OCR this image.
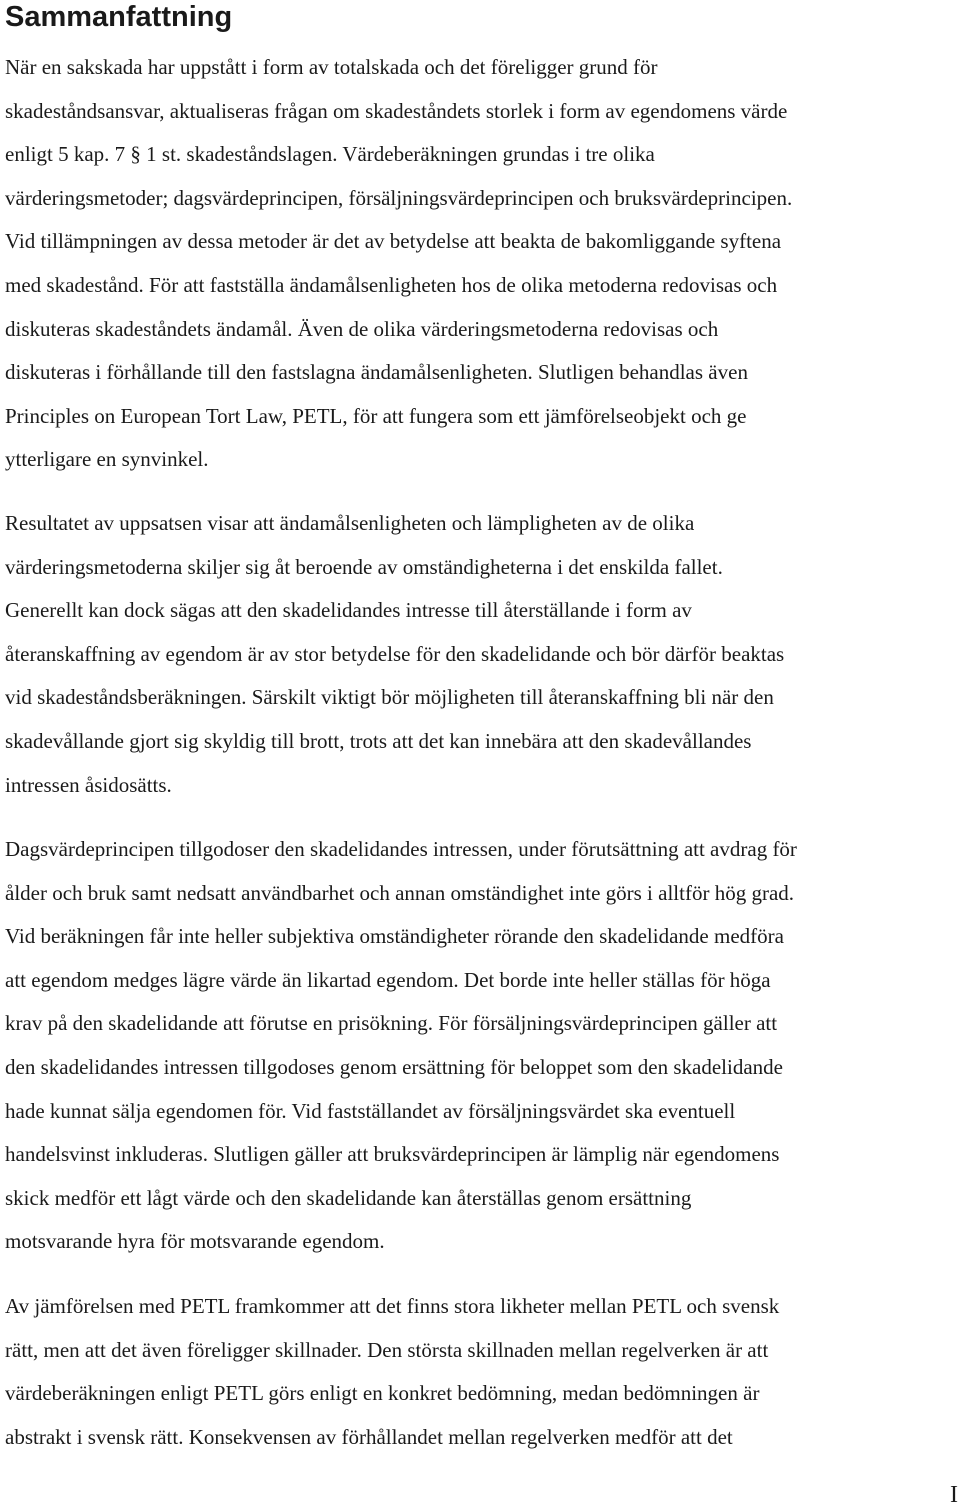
Sammanfattning

När en sakskada har uppstått i form av totalskada och det föreligger grund för
skadeståndsansvar, aktualiseras frågan om skadeståndets storlek i form av egendomens värde
enligt 5 kap. 7 § 1 st. skadeståndslagen. Värdeberäkningen grundas i tre olika
värderingsmetoder; dagsvärdeprincipen, försäljningsvärdeprincipen och bruksvärdeprincipen.
Vid tillämpningen av dessa metoder är det av betydelse att beakta de bakomliggande syftena
med skadestånd. För att fastställa ändamålsenligheten hos de olika metoderna redovisas och
diskuteras skadeståndets ändamål. Även de olika värderingsmetoderna redovisas och
diskuteras i förhållande till den fastslagna ändamålsenligheten. Slutligen behandlas även
Principles on European Tort Law, PETL, för att fungera som ett jämförelseobjekt och ge
ytterligare en synvinkel.

Resultatet av uppsatsen visar att ändamålsenligheten och lämpligheten av de olika
värderingsmetoderna skiljer sig åt beroende av omständigheterna i det enskilda fallet.
Generellt kan dock sägas att den skadelidandes intresse till återställande i form av
återanskaffning av egendom är av stor betydelse för den skadelidande och bör därför beaktas
vid skadeståndsberäkningen. Särskilt viktigt bör möjligheten till återanskaffning bli när den
skadevållande gjort sig skyldig till brott, trots att det kan innebära att den skadevållandes
intressen åsidosätts.

Dagsvärdeprincipen tillgodoser den skadelidandes intressen, under förutsättning att avdrag för
ålder och bruk samt nedsatt användbarhet och annan omständighet inte görs i alltför hög grad.
Vid beräkningen får inte heller subjektiva omständigheter rörande den skadelidande medföra
att egendom medges lägre värde än likartad egendom. Det borde inte heller ställas för höga
krav på den skadelidande att förutse en prisökning. För försäljningsvärdeprincipen gäller att
den skadelidandes intressen tillgodoses genom ersättning för beloppet som den skadelidande
hade kunnat sälja egendomen för. Vid fastställandet av försäljningsvärdet ska eventuell
handelsvinst inkluderas. Slutligen gäller att bruksvärdeprincipen är lämplig när egendomens
skick medför ett lågt värde och den skadelidande kan återställas genom ersättning
motsvarande hyra för motsvarande egendom.

Av jämförelsen med PETL framkommer att det finns stora likheter mellan PETL och svensk
rätt, men att det även föreligger skillnader. Den största skillnaden mellan regelverken är att
värdeberäkningen enligt PETL görs enligt en konkret bedömning, medan bedömningen är
abstrakt i svensk rätt. Konsekvensen av förhållandet mellan regelverken medför att det

I
